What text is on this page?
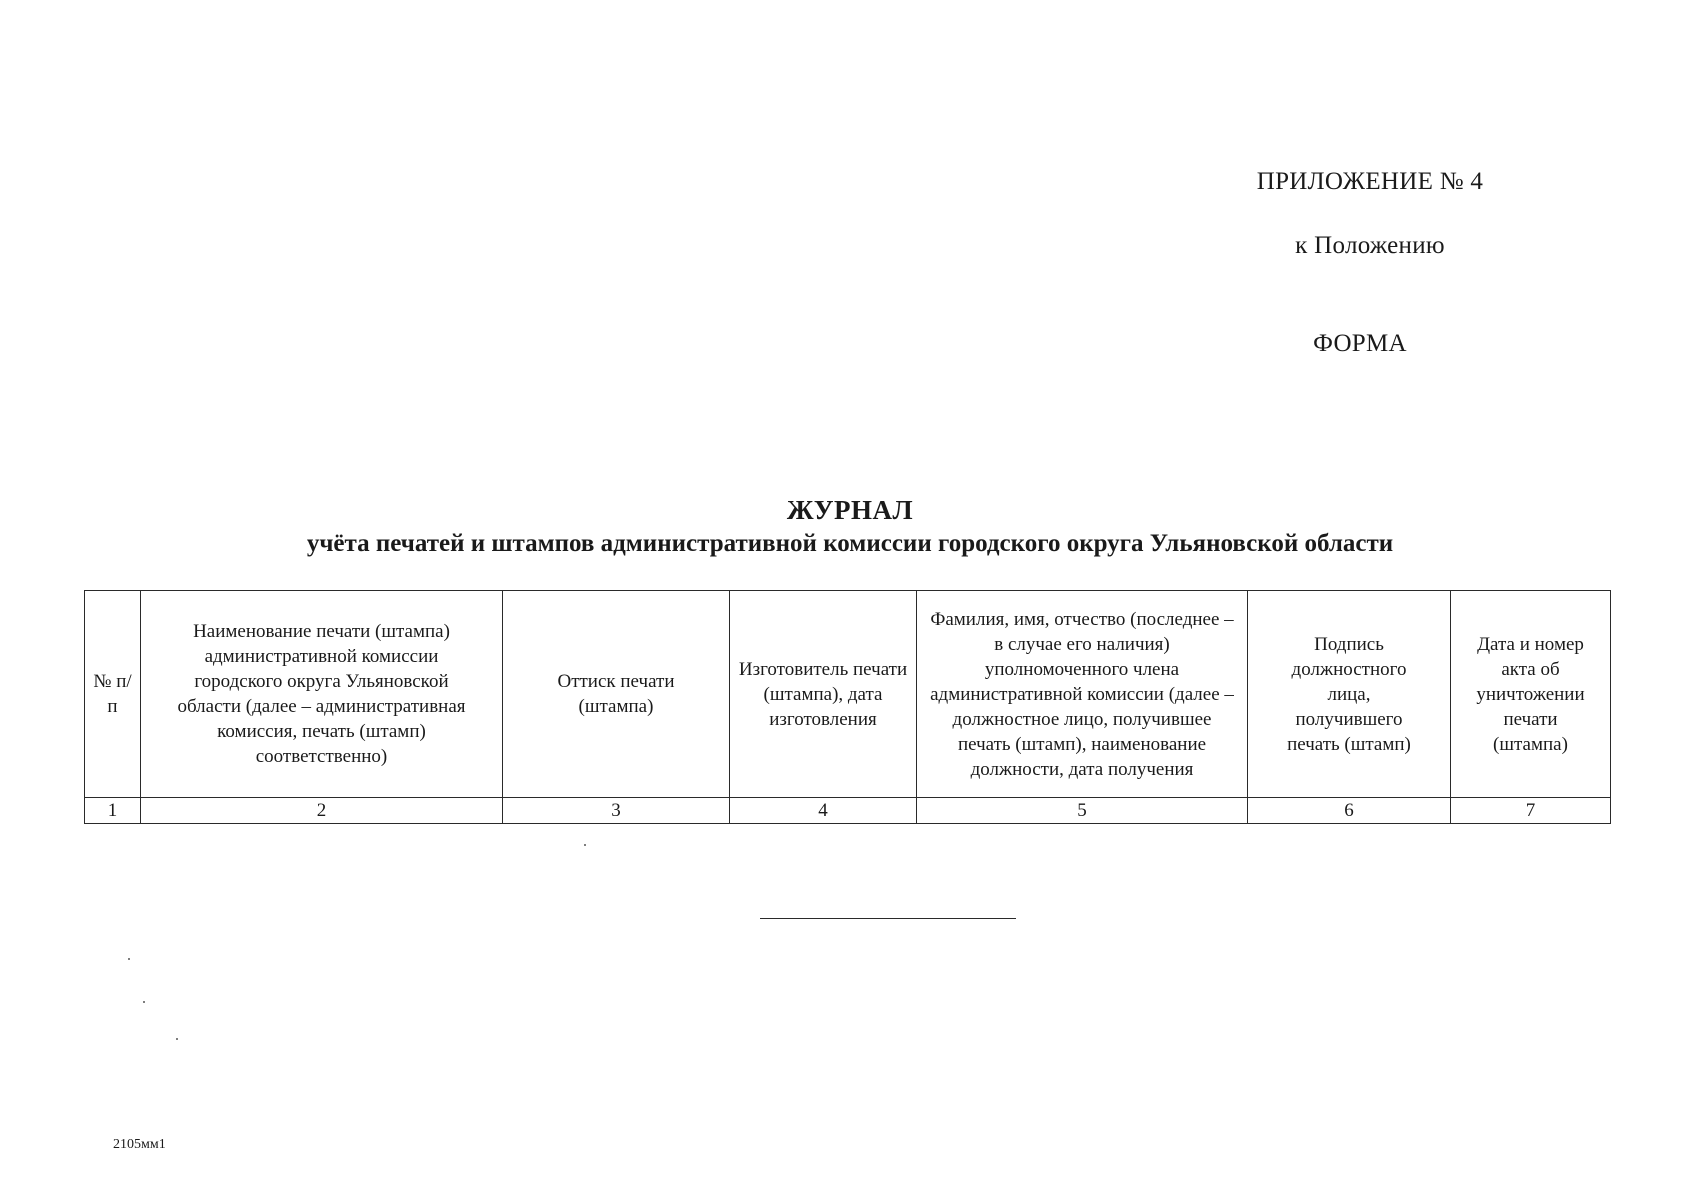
ПРИЛОЖЕНИЕ № 4
к Положению
ФОРМА
ЖУРНАЛ
учёта печатей и штампов административной комиссии городского округа Ульяновской области
№ п/п	Наименование печати (штампа) административной комиссии городского округа Ульяновской области (далее – административная комиссия, печать (штамп) соответственно)	Оттиск печати (штампа)	Изготовитель печати (штампа), дата изготовления	Фамилия, имя, отчество (последнее – в случае его наличия) уполномоченного члена административной комиссии (далее – должностное лицо, получившее печать (штамп), наименование должности, дата получения	Подпись должностного лица, получившего печать (штамп)	Дата и номер акта об уничтожении печати (штампа)
1	2	3	4	5	6	7
2105мм1
